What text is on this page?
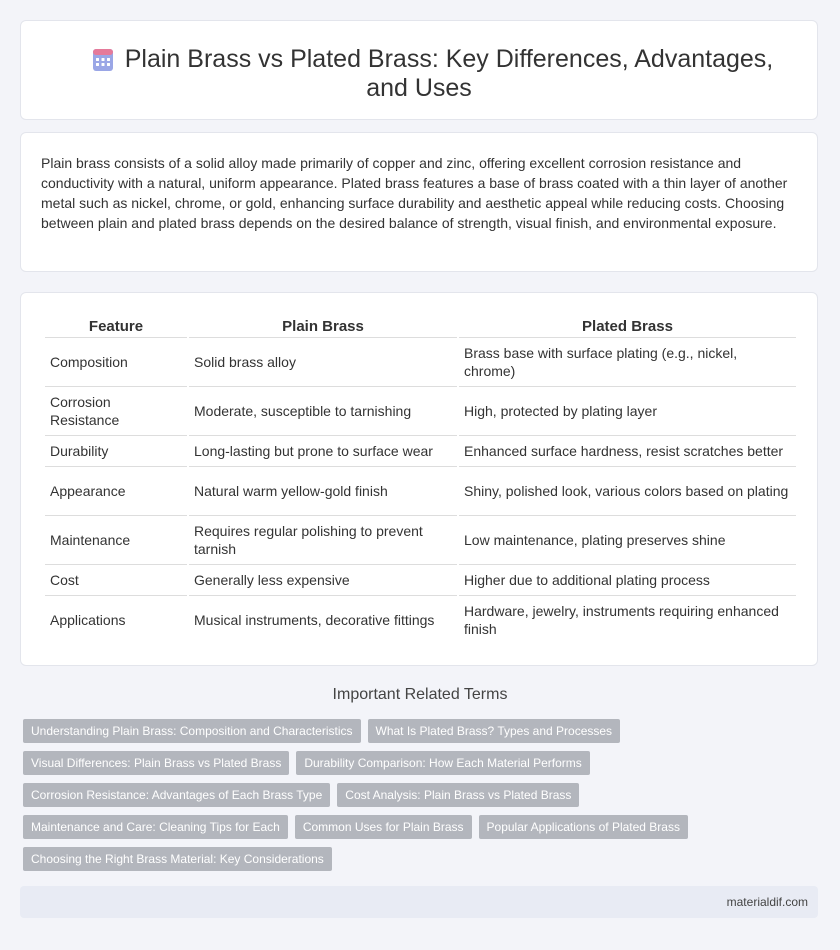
Plain Brass vs Plated Brass: Key Differences, Advantages, and Uses

Plain brass consists of a solid alloy made primarily of copper and zinc, offering excellent corrosion resistance and conductivity with a natural, uniform appearance. Plated brass features a base of brass coated with a thin layer of another metal such as nickel, chrome, or gold, enhancing surface durability and aesthetic appeal while reducing costs. Choosing between plain and plated brass depends on the desired balance of strength, visual finish, and environmental exposure.

Feature	Plain Brass	Plated Brass
Composition	Solid brass alloy	Brass base with surface plating (e.g., nickel, chrome)
Corrosion Resistance	Moderate, susceptible to tarnishing	High, protected by plating layer
Durability	Long-lasting but prone to surface wear	Enhanced surface hardness, resist scratches better
Appearance	Natural warm yellow-gold finish	Shiny, polished look, various colors based on plating
Maintenance	Requires regular polishing to prevent tarnish	Low maintenance, plating preserves shine
Cost	Generally less expensive	Higher due to additional plating process
Applications	Musical instruments, decorative fittings	Hardware, jewelry, instruments requiring enhanced finish
Important Related Terms
Understanding Plain Brass: Composition and Characteristics	What Is Plated Brass? Types and Processes
Visual Differences: Plain Brass vs Plated Brass	Durability Comparison: How Each Material Performs
Corrosion Resistance: Advantages of Each Brass Type	Cost Analysis: Plain Brass vs Plated Brass
Maintenance and Care: Cleaning Tips for Each	Common Uses for Plain Brass	Popular Applications of Plated Brass
Choosing the Right Brass Material: Key Considerations
materialdif.com
